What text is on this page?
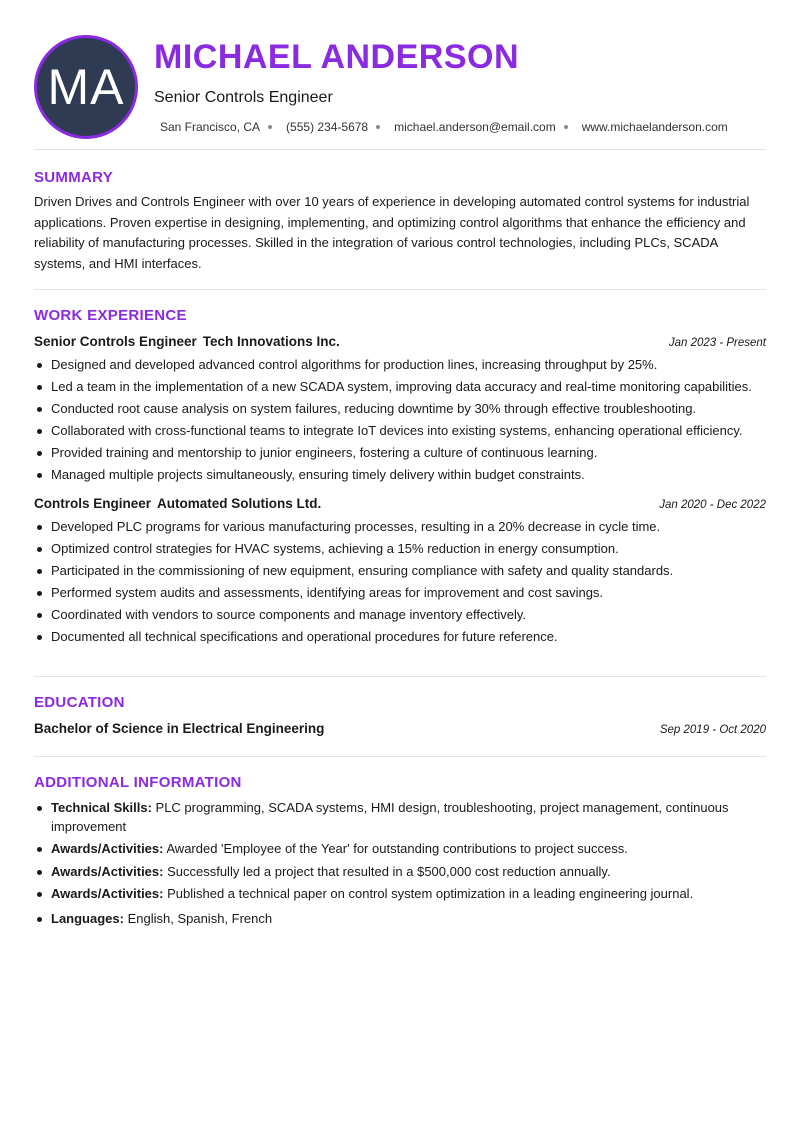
MA
MICHAEL ANDERSON
Senior Controls Engineer
San Francisco, CA (555) 234-5678 michael.anderson@email.com www.michaelanderson.com
SUMMARY

Driven Drives and Controls Engineer with over 10 years of experience in developing automated control systems for industrial applications. Proven expertise in designing, implementing, and optimizing control algorithms that enhance the efficiency and reliability of manufacturing processes. Skilled in the integration of various control technologies, including PLCs, SCADA systems, and HMI interfaces.

WORK EXPERIENCE
Senior Controls Engineer Tech Innovations Inc.	Jan 2023 - Present
Designed and developed advanced control algorithms for production lines, increasing throughput by 25%.
Led a team in the implementation of a new SCADA system, improving data accuracy and real-time monitoring capabilities.
Conducted root cause analysis on system failures, reducing downtime by 30% through effective troubleshooting.
Collaborated with cross-functional teams to integrate IoT devices into existing systems, enhancing operational efficiency.
Provided training and mentorship to junior engineers, fostering a culture of continuous learning.
Managed multiple projects simultaneously, ensuring timely delivery within budget constraints.
Controls Engineer Automated Solutions Ltd.	Jan 2020 - Dec 2022
Developed PLC programs for various manufacturing processes, resulting in a 20% decrease in cycle time.
Optimized control strategies for HVAC systems, achieving a 15% reduction in energy consumption.
Participated in the commissioning of new equipment, ensuring compliance with safety and quality standards.
Performed system audits and assessments, identifying areas for improvement and cost savings.
Coordinated with vendors to source components and manage inventory effectively.
Documented all technical specifications and operational procedures for future reference.
EDUCATION
Bachelor of Science in Electrical Engineering	Sep 2019 - Oct 2020
ADDITIONAL INFORMATION
Technical Skills: PLC programming, SCADA systems, HMI design, troubleshooting, project management, continuous improvement
Awards/Activities: Awarded 'Employee of the Year' for outstanding contributions to project success.
Awards/Activities: Successfully led a project that resulted in a $500,000 cost reduction annually.
Awards/Activities: Published a technical paper on control system optimization in a leading engineering journal.
Languages: English, Spanish, French
